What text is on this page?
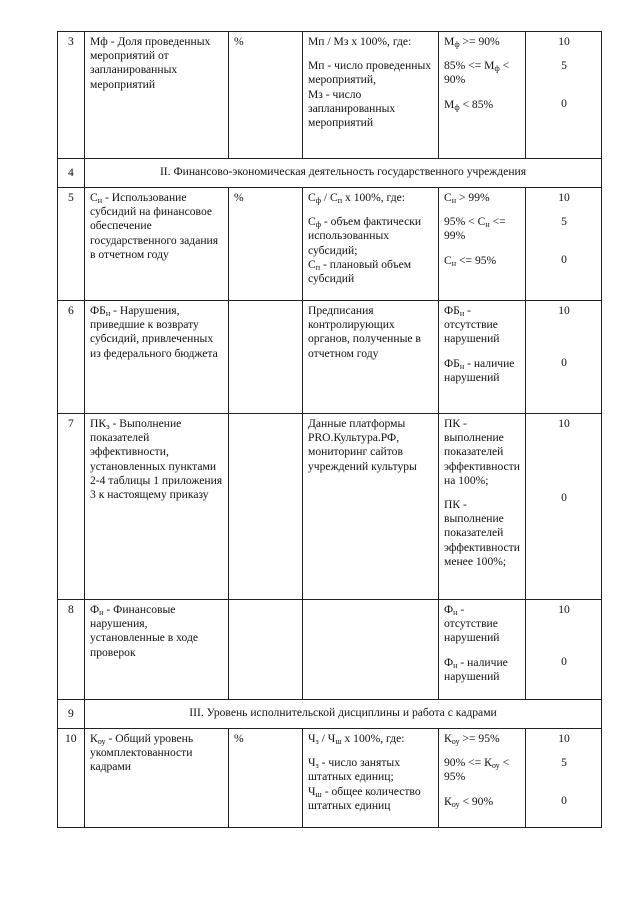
3	Мф - Доля проведенных мероприятий от запланированных мероприятий	%	Мп / Мз х 100%, где:
Мп - число проведенных мероприятий,
Мз - число запланированных мероприятий	$М_ф >= 90\%$
$85\% <= М_ф < 90\%$
$М_ф < 85\%$	10
5
0

4	II. Финансово-экономическая деятельность государственного учреждения				
5	$С_н$ - Использование субсидий на финансовое обеспечение государственного задания в отчетном году	%	$С_ф / С_п$ х 100%, где:
$С_ф$ - объем фактически использованных субсидий;
$С_п$ - плановый объем субсидий	$С_н > 99\%$
$95\% < С_н <= 99\%$
$С_н <= 95\%$	10
5
0

6	$ФБ_н$ - Нарушения, приведшие к возврату субсидий, привлеченных из федерального бюджета		Предписания контролирующих органов, полученные в отчетном году	$ФБ_н$ - отсутствие нарушений
$ФБ_н$ - наличие нарушений	10
0

7	$ПК_э$ - Выполнение показателей эффективности, установленных пунктами 2-4 таблицы 1 приложения 3 к настоящему приказу		Данные платформы PRO.Культура.РФ, мониторинг сайтов учреждений культуры	ПК - выполнение показателей эффективности на 100%;
ПК - выполнение показателей эффективности менее 100%;	10
0

8	$Ф_н$ - Финансовые нарушения, установленные в ходе проверок			$Ф_н$ - отсутствие нарушений
$Ф_н$ - наличие нарушений	10
0

9	III. Уровень исполнительской дисциплины и работа с кадрами				
10	$К_{оу}$ - Общий уровень укомплектованности кадрами	%	$Ч_з / Ч_ш$ х 100%, где:
$Ч_з$ - число занятых штатных единиц;
$Ч_ш$ - общее количество штатных единиц	$К_{оу} >= 95\%$
$90\% <= К_{оу} < 95\%$
$К_{оу} < 90\%$	10
5
0
